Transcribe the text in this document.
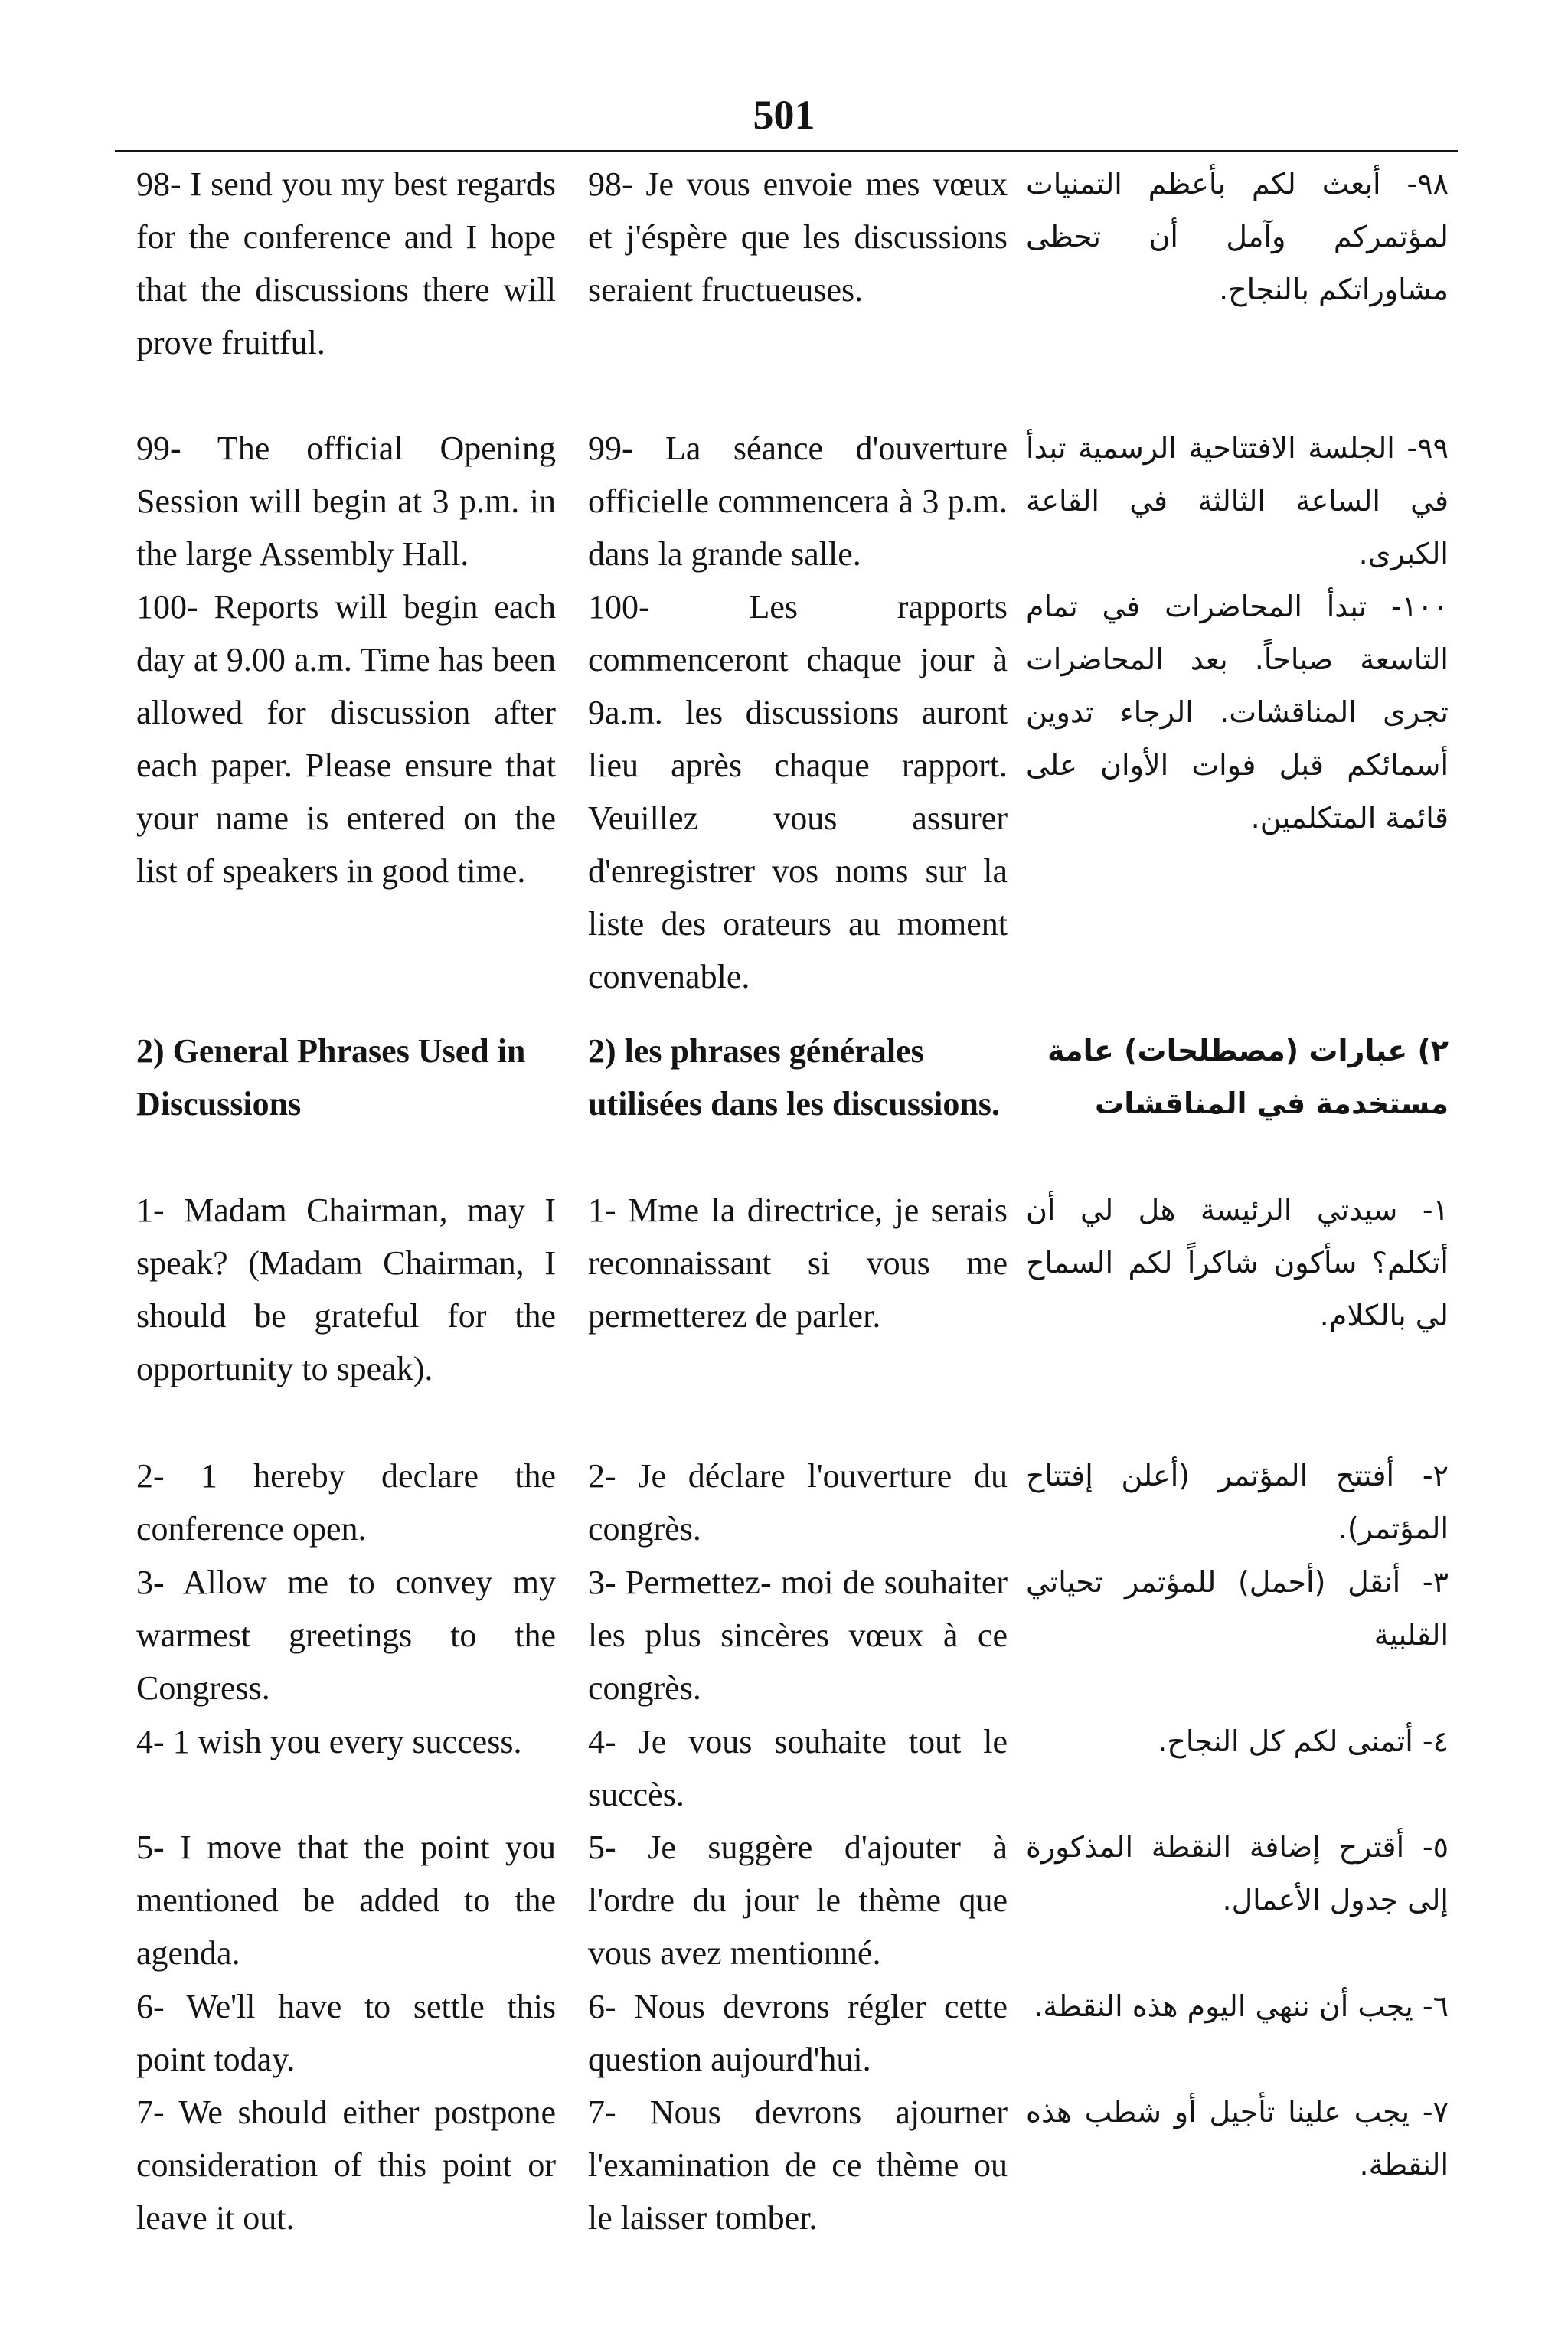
501

98- I send you my best regards for the conference and I hope that the discussions there will prove fruitful.

99- The official Opening Session will begin at 3 p.m. in the large Assembly Hall.

100- Reports will begin each day at 9.00 a.m. Time has been allowed for discussion after each paper. Please ensure that your name is entered on the list of speakers in good time.

2) General Phrases Used in Discussions

1- Madam Chairman, may I speak? (Madam Chairman, I should be grateful for the opportunity to speak).

2- 1 hereby declare the conference open.

3- Allow me to convey my warmest greetings to the Congress.

4- 1 wish you every success.

5- I move that the point you mentioned be added to the agenda.

6- We'll have to settle this point today.

7- We should either postpone consideration of this point or leave it out.

98- Je vous envoie mes vœux et j'éspère que les discussions seraient fructueuses.

99- La séance d'ouverture officielle commencera à 3 p.m. dans la grande salle.

100- Les rapports commenceront chaque jour à 9a.m. les discussions auront lieu après chaque rapport. Veuillez vous assurer d'enregistrer vos noms sur la liste des orateurs au moment convenable.

2) les phrases générales utilisées dans les discussions.

1- Mme la directrice, je serais reconnaissant si vous me permetterez de parler.

2- Je déclare l'ouverture du congrès.

3- Permettez- moi de souhaiter les plus sincères vœux à ce congrès.

4- Je vous souhaite tout le succès.

5- Je suggère d'ajouter à l'ordre du jour le thème que vous avez mentionné.

6- Nous devrons régler cette question aujourd'hui.

7- Nous devrons ajourner l'examination de ce thème ou le laisser tomber.

٩٨- أبعث لكم بأعظم التمنيات لمؤتمركم وآمل أن تحظى مشاوراتكم بالنجاح.

٩٩- الجلسة الافتتاحية الرسمية تبدأ في الساعة الثالثة في القاعة الكبرى.

١٠٠- تبدأ المحاضرات في تمام التاسعة صباحاً. بعد المحاضرات تجرى المناقشات. الرجاء تدوين أسمائكم قبل فوات الأوان على قائمة المتكلمين.

٢) عبارات (مصطلحات) عامة مستخدمة في المناقشات

١- سيدتي الرئيسة هل لي أن أتكلم؟ سأكون شاكراً لكم السماح لي بالكلام.

٢- أفتتح المؤتمر (أعلن إفتتاح المؤتمر).

٣- أنقل (أحمل) للمؤتمر تحياتي القلبية

٤- أتمنى لكم كل النجاح.

٥- أقترح إضافة النقطة المذكورة إلى جدول الأعمال.

٦- يجب أن ننهي اليوم هذه النقطة.

٧- يجب علينا تأجيل أو شطب هذه النقطة.
